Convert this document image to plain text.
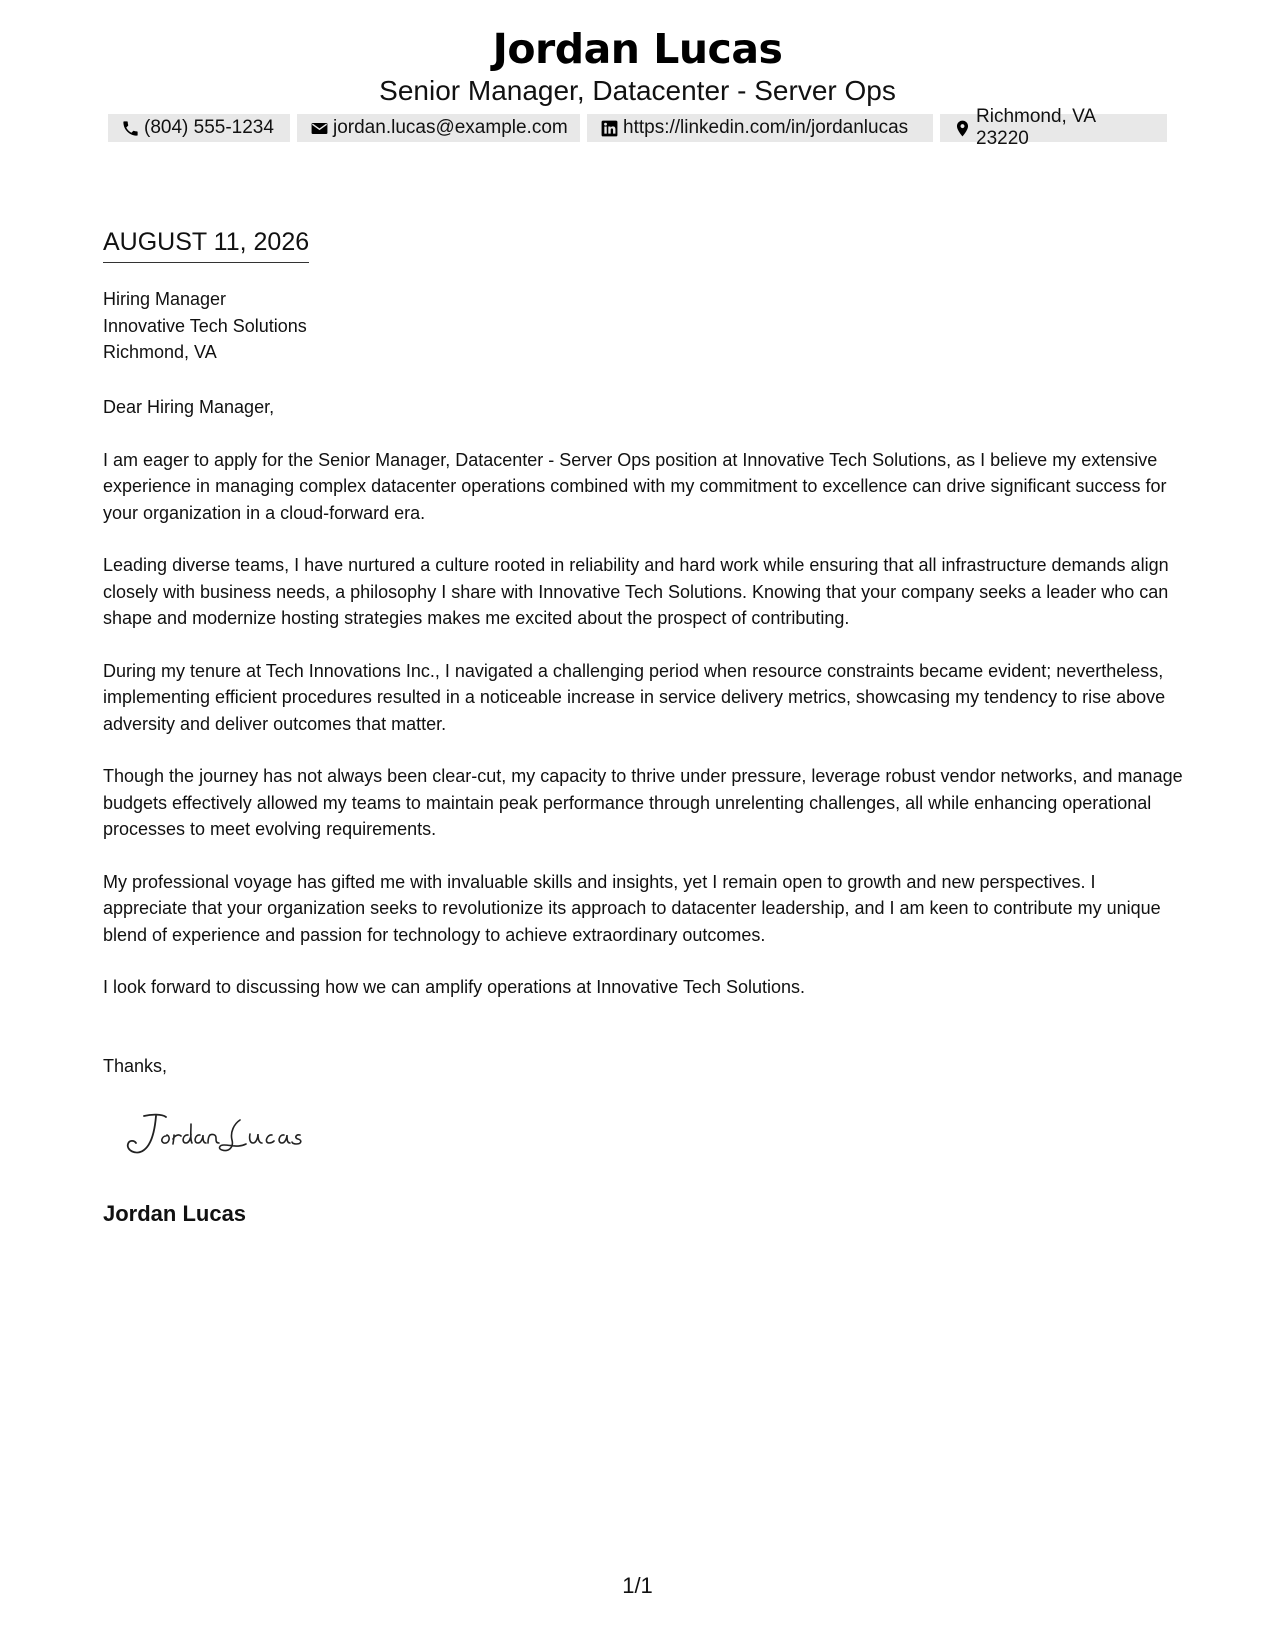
Jordan Lucas
Senior Manager, Datacenter - Server Ops
(804) 555-1234	jordan.lucas@example.com	https://linkedin.com/in/jordanlucas
Richmond, VA 23220
AUGUST 11, 2026
Hiring Manager
Innovative Tech Solutions
Richmond, VA

Dear Hiring Manager,

I am eager to apply for the Senior Manager, Datacenter - Server Ops position at Innovative Tech Solutions, as I believe my extensive experience in managing complex datacenter operations combined with my commitment to excellence can drive significant success for your organization in a cloud-forward era.

Leading diverse teams, I have nurtured a culture rooted in reliability and hard work while ensuring that all infrastructure demands align closely with business needs, a philosophy I share with Innovative Tech Solutions. Knowing that your company seeks a leader who can shape and modernize hosting strategies makes me excited about the prospect of contributing.

During my tenure at Tech Innovations Inc., I navigated a challenging period when resource constraints became evident; nevertheless, implementing efficient procedures resulted in a noticeable increase in service delivery metrics, showcasing my tendency to rise above adversity and deliver outcomes that matter.

Though the journey has not always been clear-cut, my capacity to thrive under pressure, leverage robust vendor networks, and manage budgets effectively allowed my teams to maintain peak performance through unrelenting challenges, all while enhancing operational processes to meet evolving requirements.

My professional voyage has gifted me with invaluable skills and insights, yet I remain open to growth and new perspectives. I appreciate that your organization seeks to revolutionize its approach to datacenter leadership, and I am keen to contribute my unique blend of experience and passion for technology to achieve extraordinary outcomes.

I look forward to discussing how we can amplify operations at Innovative Tech Solutions.

Thanks,
Jordan Lucas
1/1
